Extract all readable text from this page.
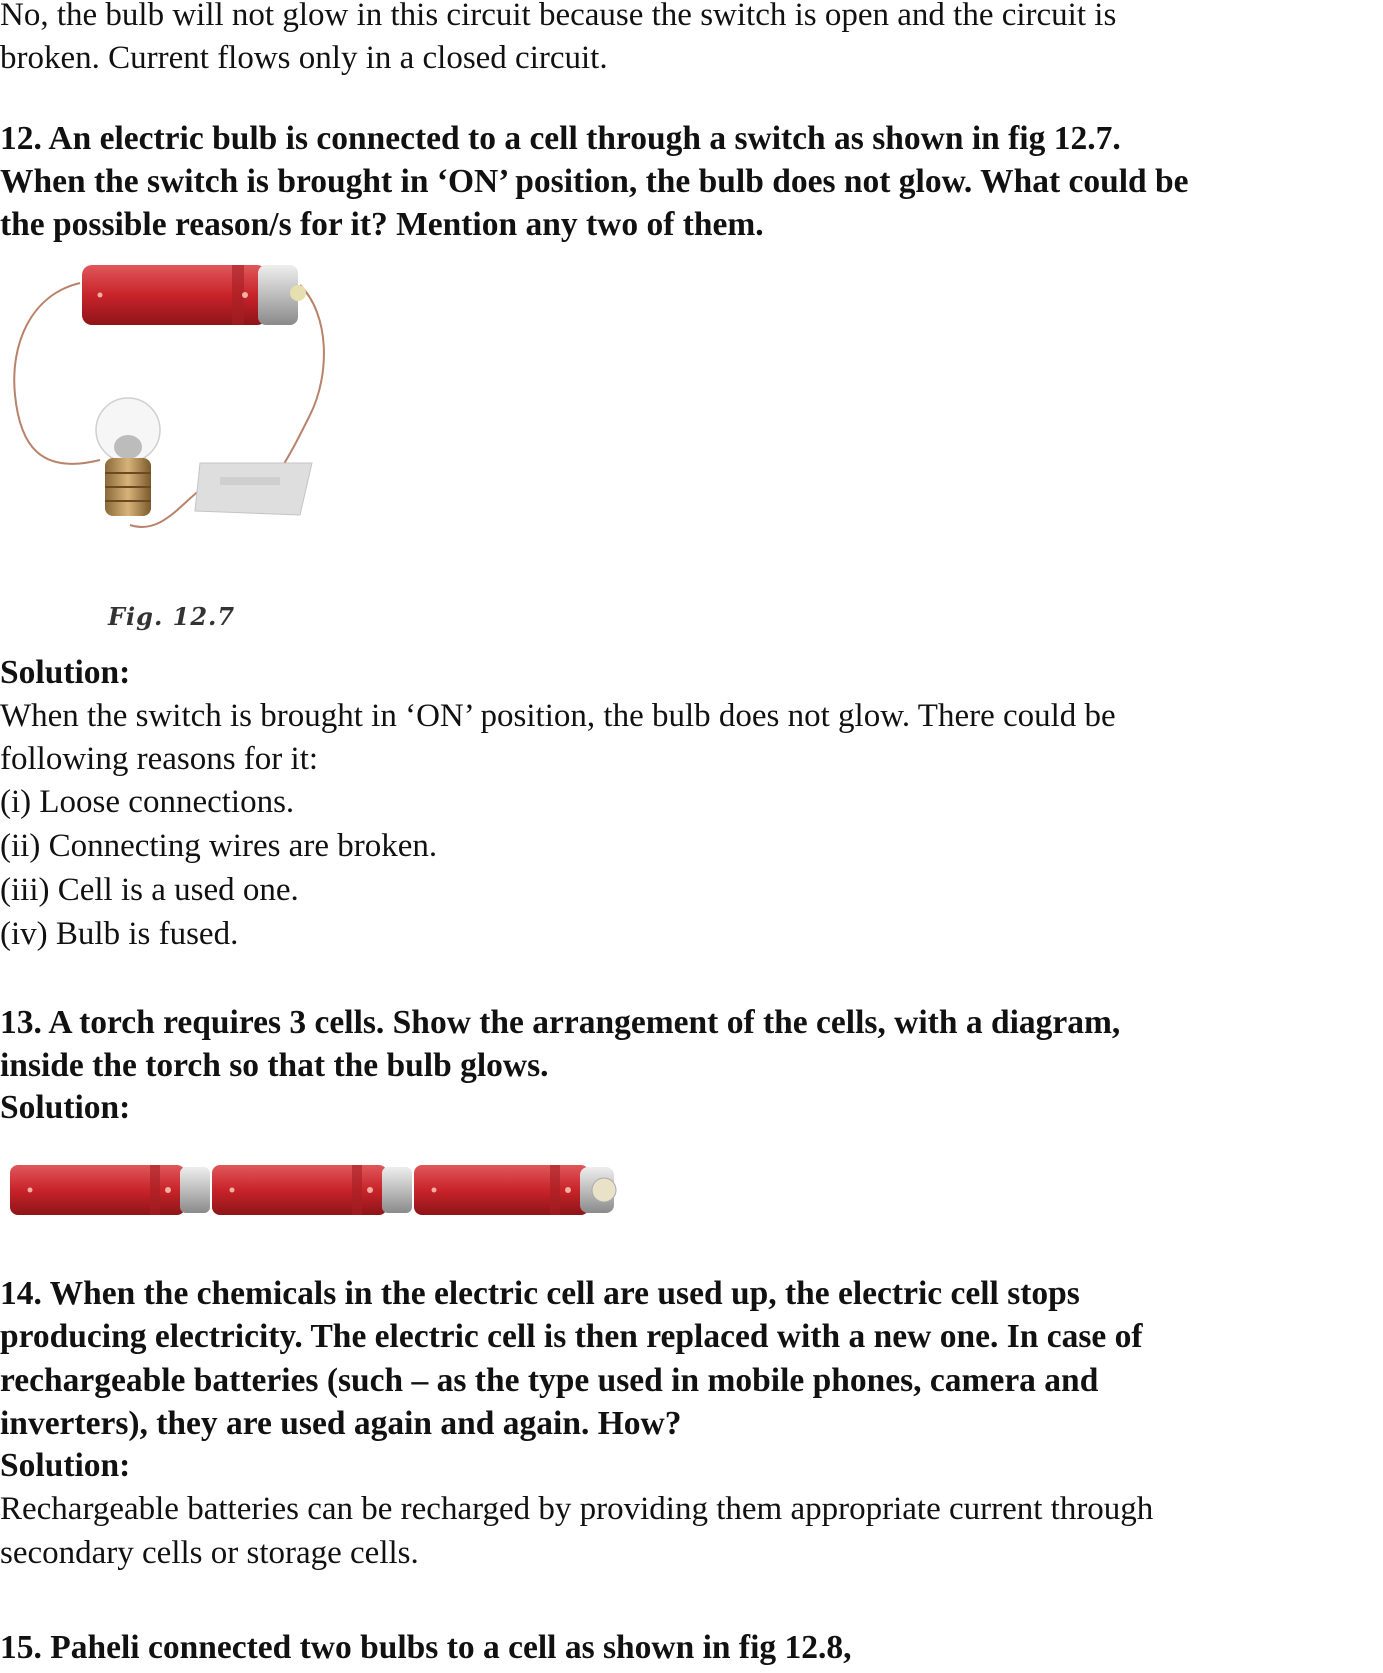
No, the bulb will not glow in this circuit because the switch is open and the circuit is
broken. Current flows only in a closed circuit.
12. An electric bulb is connected to a cell through a switch as shown in fig 12.7.
When the switch is brought in ‘ON’ position, the bulb does not glow. What could be
the possible reason/s for it? Mention any two of them.
Fig. 12.7
Solution:
When the switch is brought in ‘ON’ position, the bulb does not glow. There could be
following reasons for it:
(i) Loose connections.
(ii) Connecting wires are broken.
(iii) Cell is a used one.
(iv) Bulb is fused.
13. A torch requires 3 cells. Show the arrangement of the cells, with a diagram,
inside the torch so that the bulb glows.
Solution:
14. When the chemicals in the electric cell are used up, the electric cell stops
producing electricity. The electric cell is then replaced with a new one. In case of
rechargeable batteries (such – as the type used in mobile phones, camera and
inverters), they are used again and again. How?
Solution:
Rechargeable batteries can be recharged by providing them appropriate current through
secondary cells or storage cells.
15. Paheli connected two bulbs to a cell as shown in fig 12.8,
